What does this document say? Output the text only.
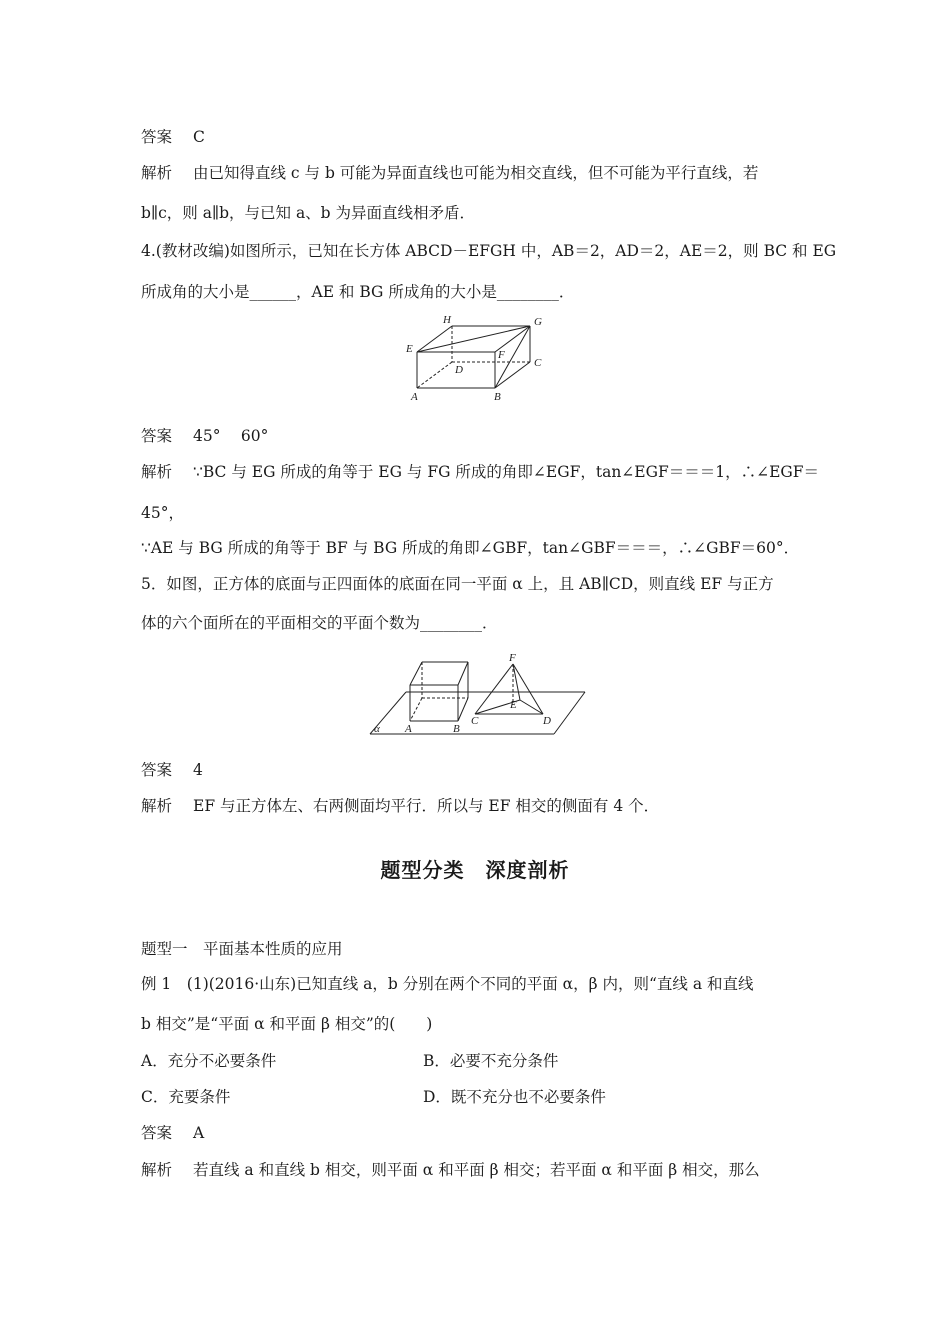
答案 C
解析 由已知得直线 c 与 b 可能为异面直线也可能为相交直线，但不可能为平行直线，若
b∥c，则 a∥b，与已知 a、b 为异面直线相矛盾．
4.(教材改编)如图所示，已知在长方体 ABCD－EFGH 中，AB＝2，AD＝2，AE＝2，则 BC 和 EG
所成角的大小是______，AE 和 BG 所成角的大小是________．
H	G
E	F
C
D
A	B
答案 45°　 60°
解析 ∵BC 与 EG 所成的角等于 EG 与 FG 所成的角即∠EGF，tan∠EGF＝＝＝1，∴∠EGF＝
45°，
∵AE 与 BG 所成的角等于 BF 与 BG 所成的角即∠GBF，tan∠GBF＝＝＝，∴∠GBF＝60°．
5．如图，正方体的底面与正四面体的底面在同一平面 α 上，且 AB∥CD，则直线 EF 与正方
体的六个面所在的平面相交的平面个数为________．
F
E
C	D
α A	B
答案 4
解析 EF 与正方体左、右两侧面均平行．所以与 EF 相交的侧面有 4 个．
题型分类　深度剖析
题型一　平面基本性质的应用
例 1　(1)(2016·山东)已知直线 a，b 分别在两个不同的平面 α，β 内，则“直线 a 和直线
b 相交”是“平面 α 和平面 β 相交”的(　　)
A．充分不必要条件	B．必要不充分条件
C．充要条件	D．既不充分也不必要条件
答案 A
解析 若直线 a 和直线 b 相交，则平面 α 和平面 β 相交；若平面 α 和平面 β 相交，那么
